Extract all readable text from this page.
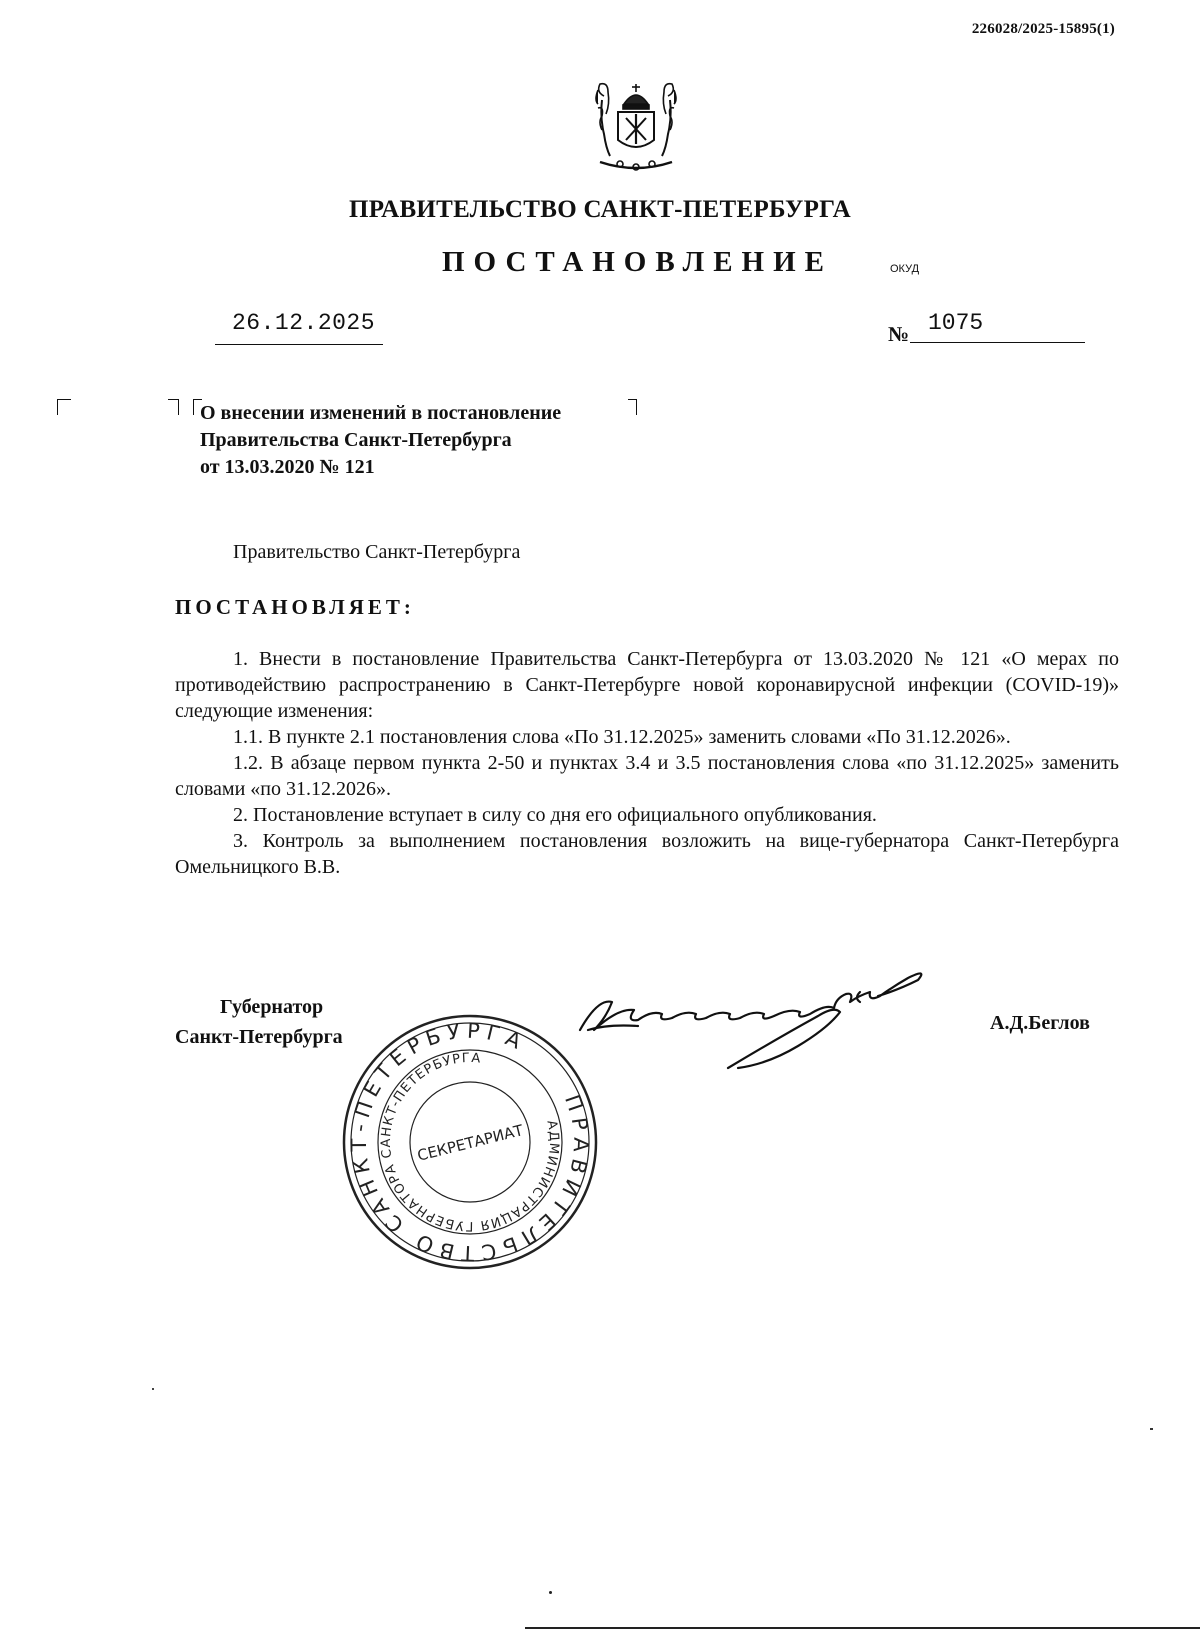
226028/2025-15895(1)
ПРАВИТЕЛЬСТВО САНКТ-ПЕТЕРБУРГА
ПОСТАНОВЛЕНИЕ	ОКУД
26.12.2025	№ 1075
О внесении изменений в постановление
Правительства Санкт-Петербурга
от 13.03.2020 № 121
Правительство Санкт-Петербурга
ПОСТАНОВЛЯЕТ:

1. Внести в постановление Правительства Санкт-Петербурга от 13.03.2020 № 121 «О мерах по противодействию распространению в Санкт-Петербурге новой коронавирусной инфекции (COVID-19)» следующие изменения:

1.1. В пункте 2.1 постановления слова «По 31.12.2025» заменить словами «По 31.12.2026».

1.2. В абзаце первом пункта 2-50 и пунктах 3.4 и 3.5 постановления слова «по 31.12.2025» заменить словами «по 31.12.2026».

2. Постановление вступает в силу со дня его официального опубликования.

3. Контроль за выполнением постановления возложить на вице-губернатора Санкт-Петербурга Омельницкого В.В.

Губернатор
Санкт-Петербурга
ПРАВИТЕЛЬСТВО САНКТ-ПЕТЕРБУРГА
АДМИНИСТРАЦИЯ ГУБЕРНАТОРА САНКТ-ПЕТЕРБУРГА
СЕКРЕТАРИАТ
А.Д.Беглов
